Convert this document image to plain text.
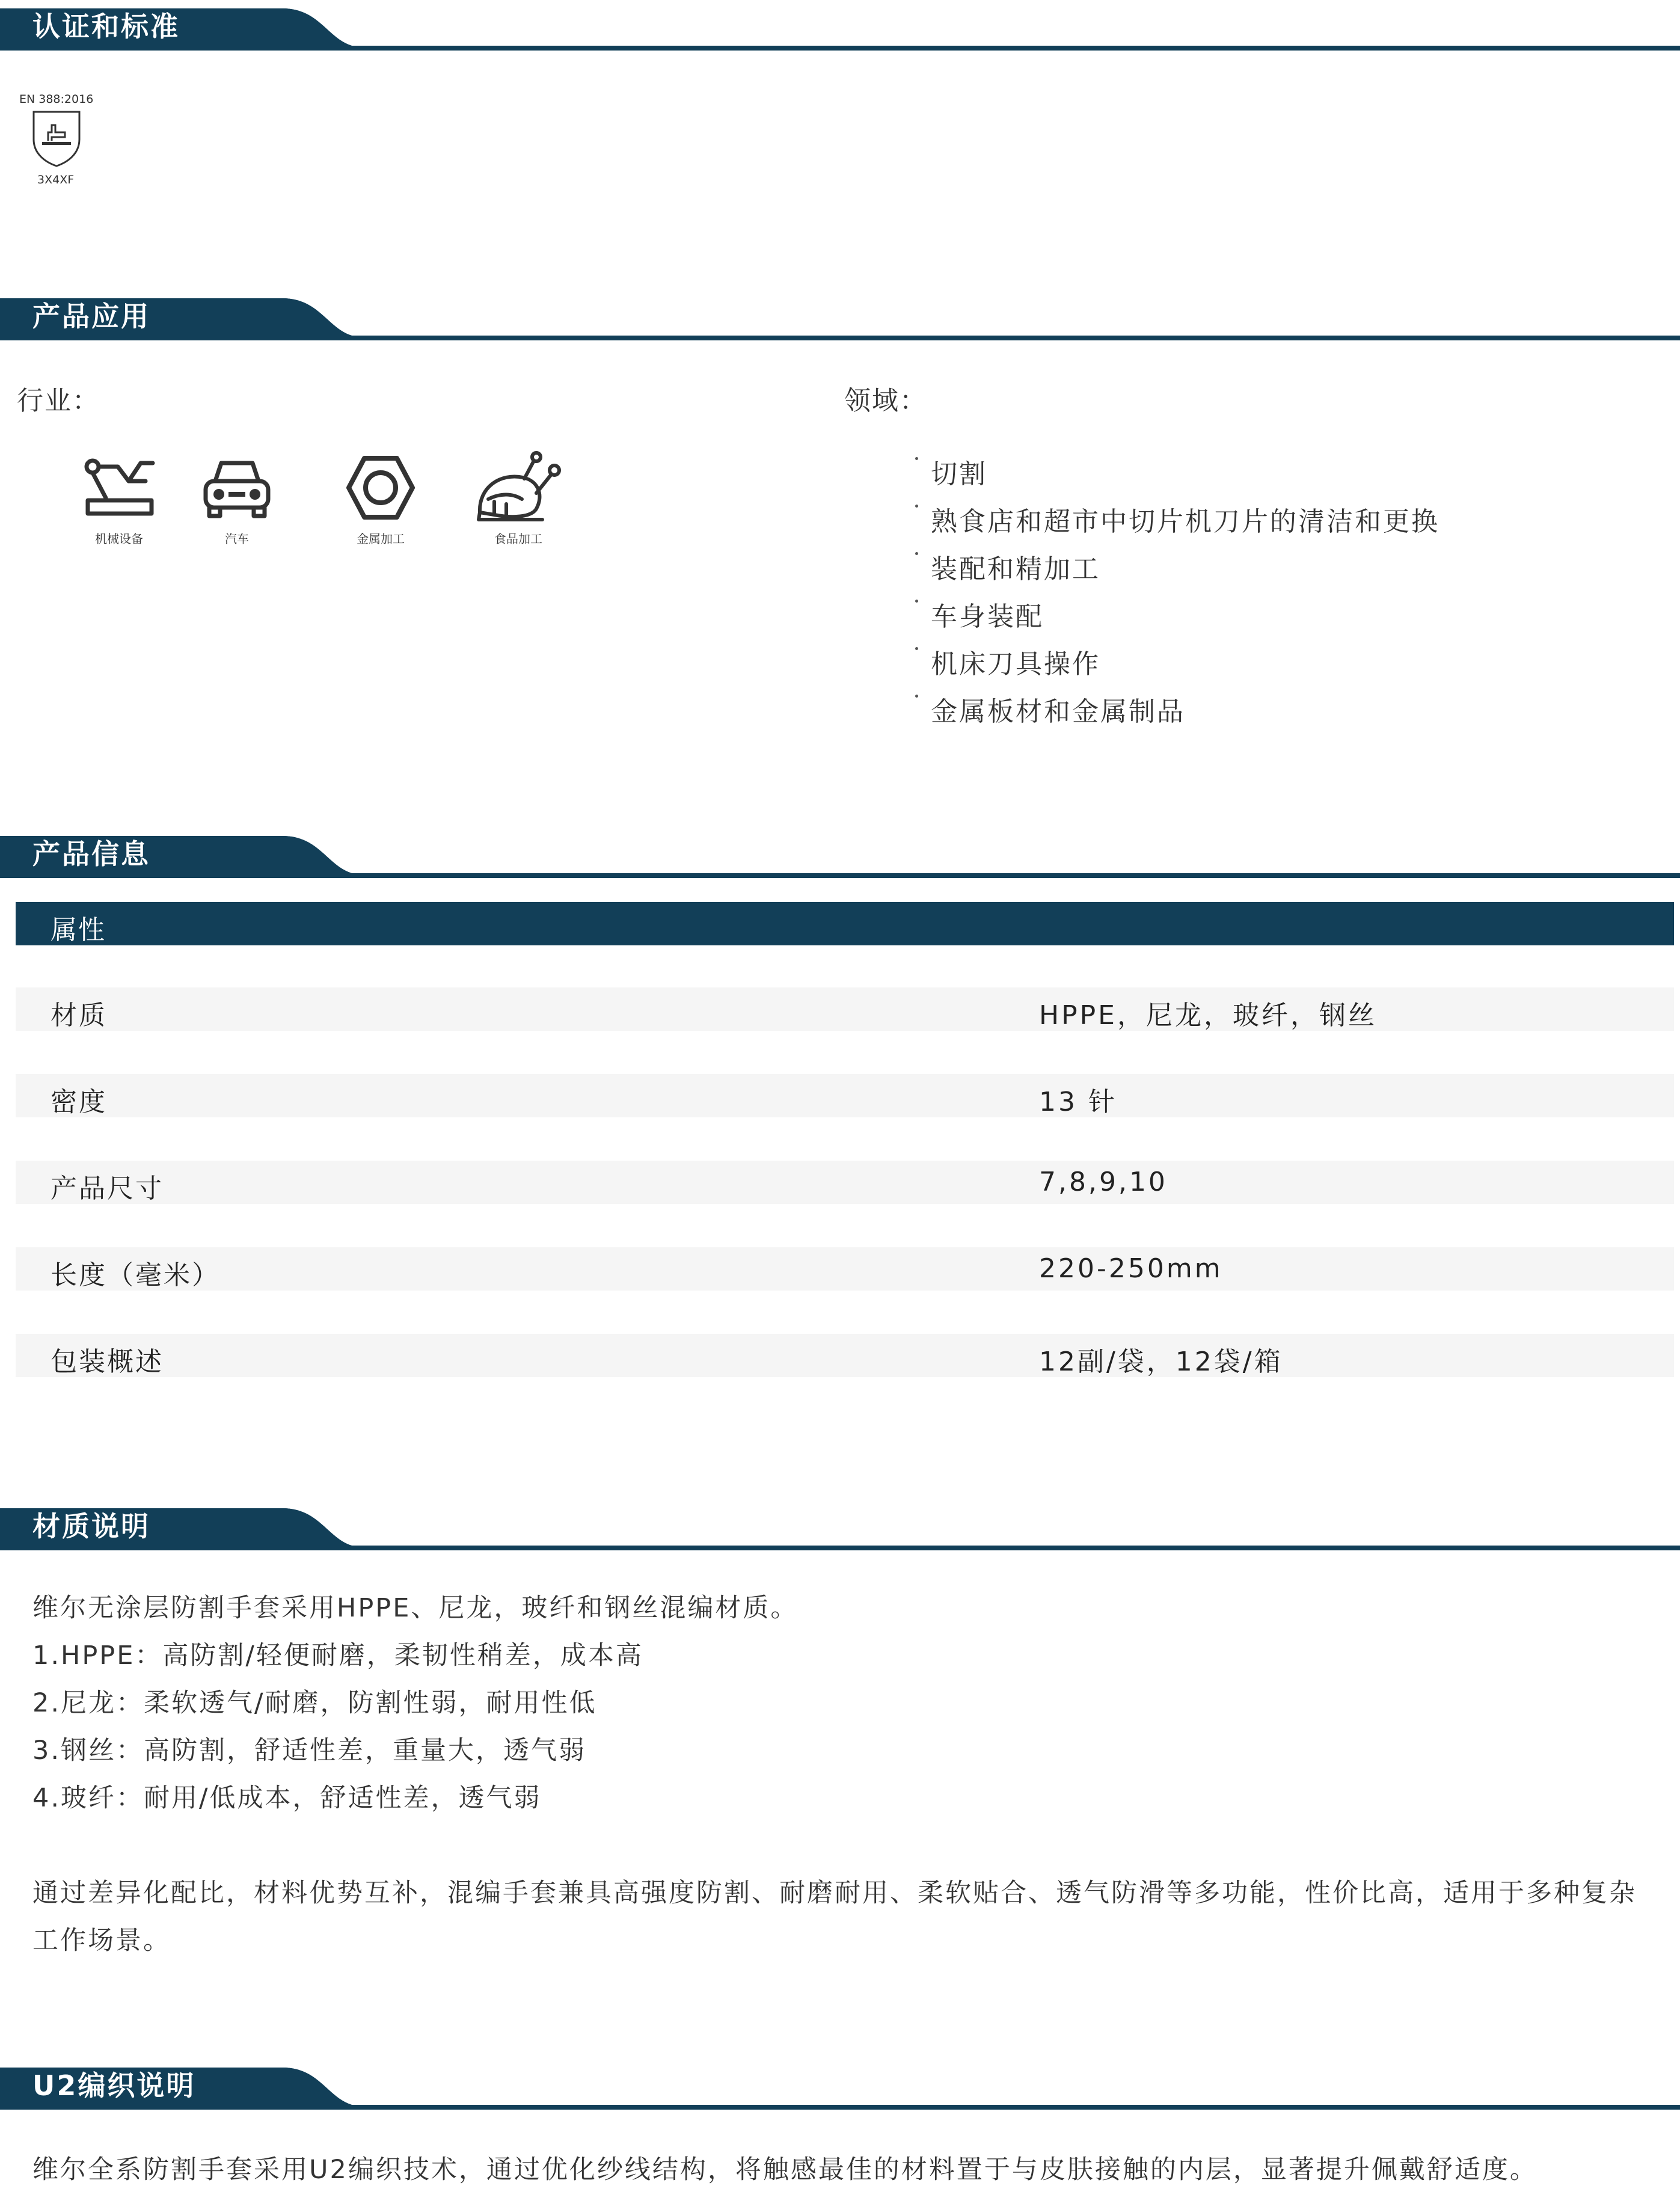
认证和标准
EN 388:2016
3X4XF
产品应用
行业：	领域：
机械设备	汽车	金属加工	食品加工
切割
熟食店和超市中切片机刀片的清洁和更换
装配和精加工
车身装配
机床刀具操作
金属板材和金属制品
产品信息
属性
材质	HPPE，尼龙，玻纤，钢丝
密度	13 针
产品尺寸	7,8,9,10
长度（毫米）	220-250mm
包装概述	12副/袋，12袋/箱
材质说明
维尔无涂层防割手套采用HPPE、尼龙，玻纤和钢丝混编材质。
1.HPPE：高防割/轻便耐磨，柔韧性稍差，成本高
2.尼龙：柔软透气/耐磨，防割性弱，耐用性低
3.钢丝：高防割，舒适性差，重量大，透气弱
4.玻纤：耐用/低成本，舒适性差，透气弱
通过差异化配比，材料优势互补，混编手套兼具高强度防割、耐磨耐用、柔软贴合、透气防滑等多功能，性价比高，适用于多种复杂
工作场景。
U2编织说明
维尔全系防割手套采用U2编织技术，通过优化纱线结构，将触感最佳的材料置于与皮肤接触的内层，显著提升佩戴舒适度。
